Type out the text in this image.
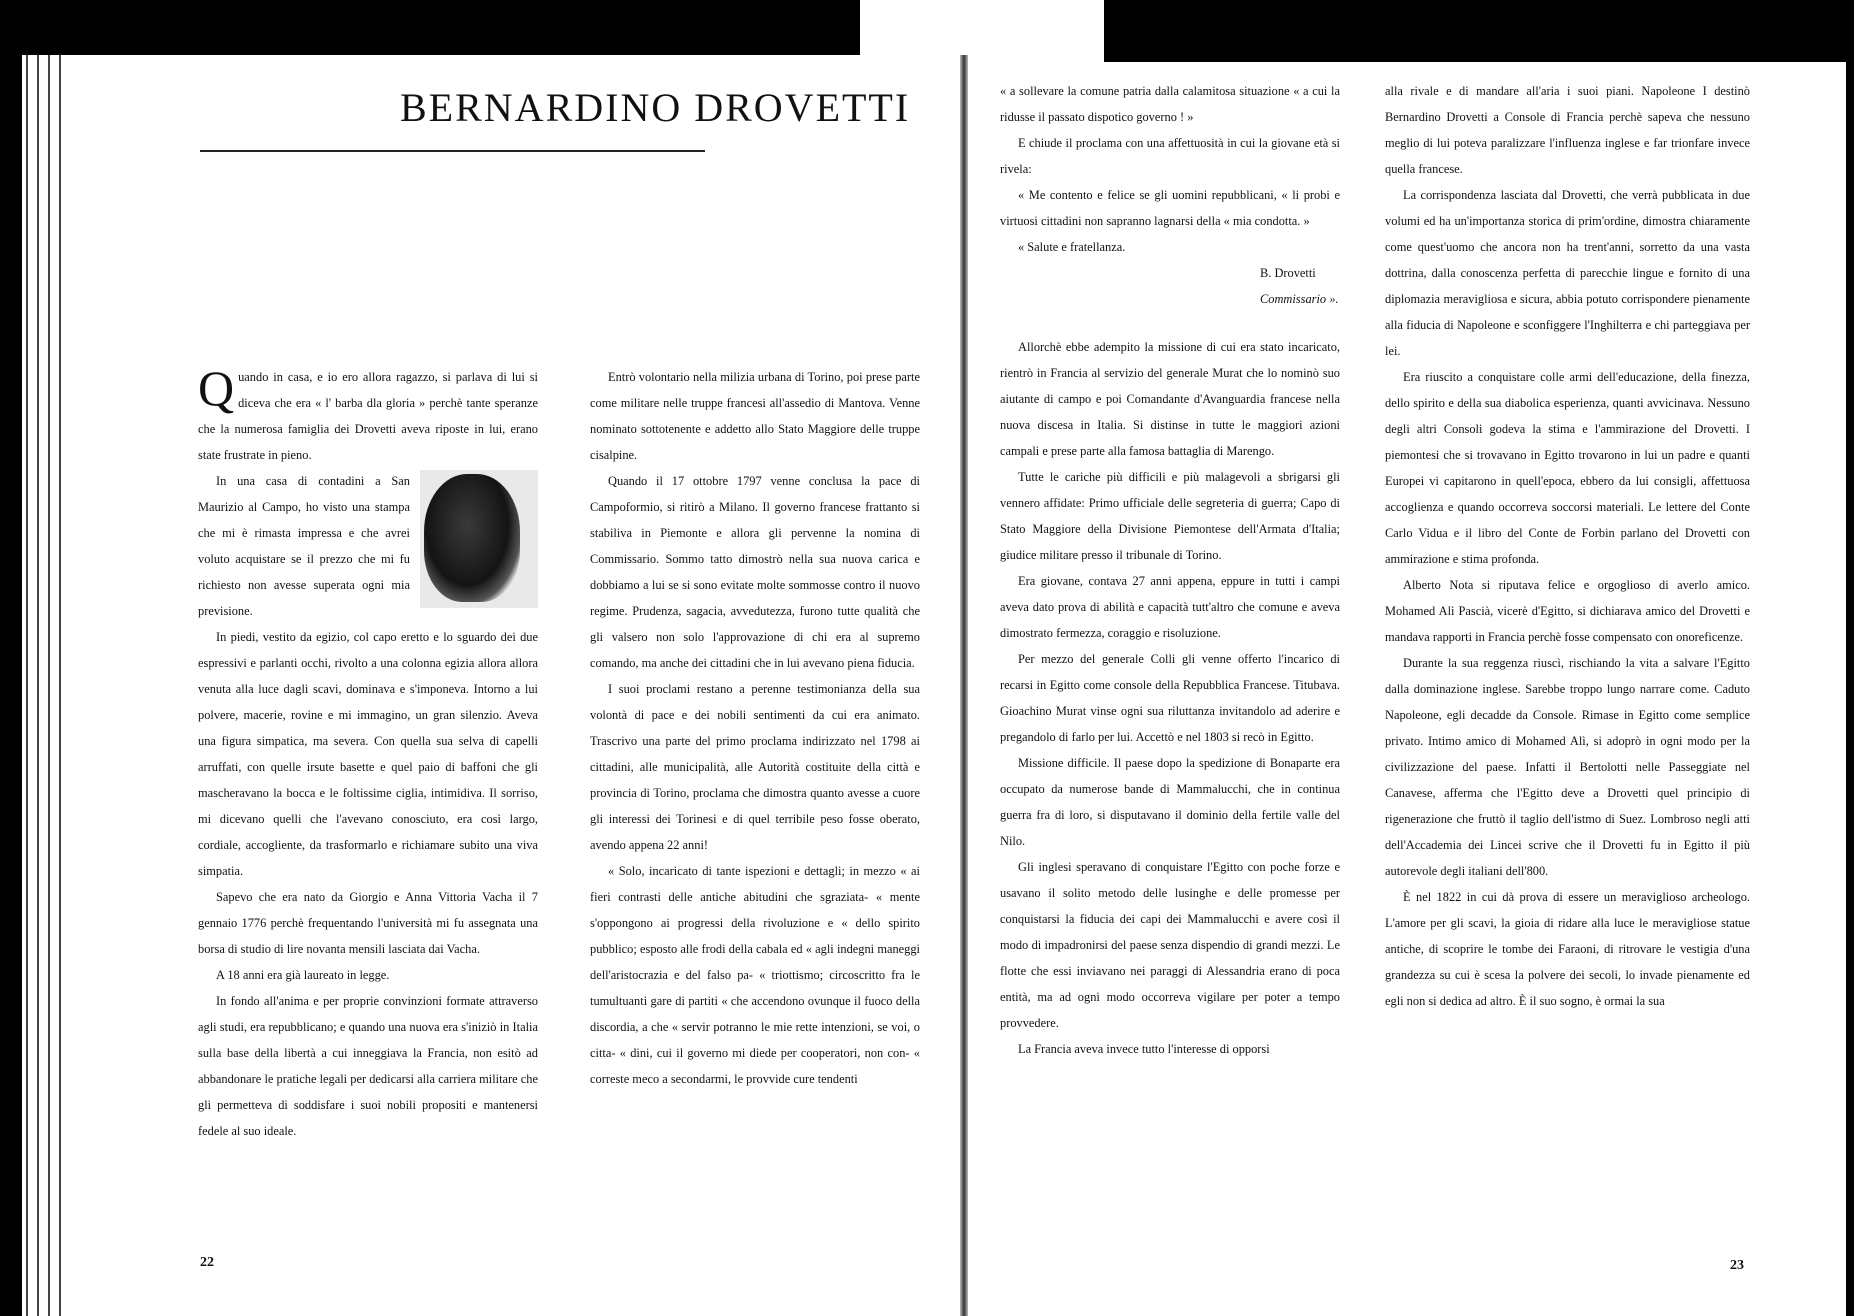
BERNARDINO DROVETTI

Quando in casa, e io ero allora ragazzo, si parlava di lui si diceva che era « l' barba dla gloria » perchè tante speranze che la numerosa famiglia dei Drovetti aveva riposte in lui, erano state frustrate in pieno.

In una casa di contadini a San Maurizio al Campo, ho visto una stampa che mi è rimasta impressa e che avrei voluto acquistare se il prezzo che mi fu richiesto non avesse superata ogni mia previsione.

In piedi, vestito da egizio, col capo eretto e lo sguardo dei due espressivi e parlanti occhi, rivolto a una colonna egizia allora allora venuta alla luce dagli scavi, dominava e s'imponeva. Intorno a lui polvere, macerie, rovine e mi immagino, un gran silenzio. Aveva una figura simpatica, ma severa. Con quella sua selva di capelli arruffati, con quelle irsute basette e quel paio di baffoni che gli mascheravano la bocca e le foltissime ciglia, intimidiva. Il sorriso, mi dicevano quelli che l'avevano conosciuto, era così largo, cordiale, accogliente, da trasformarlo e richiamare subito una viva simpatia.

Sapevo che era nato da Giorgio e Anna Vittoria Vacha il 7 gennaio 1776 perchè frequentando l'università mi fu assegnata una borsa di studio di lire novanta mensili lasciata dai Vacha.

A 18 anni era già laureato in legge.

In fondo all'anima e per proprie convinzioni formate attraverso agli studi, era repubblicano; e quando una nuova era s'iniziò in Italia sulla base della libertà a cui inneggiava la Francia, non esitò ad abbandonare le pratiche legali per dedicarsi alla carriera militare che gli permetteva di soddisfare i suoi nobili propositi e mantenersi fedele al suo ideale.

Entrò volontario nella milizia urbana di Torino, poi prese parte come militare nelle truppe francesi all'assedio di Mantova. Venne nominato sottotenente e addetto allo Stato Maggiore delle truppe cisalpine.

Quando il 17 ottobre 1797 venne conclusa la pace di Campoformio, si ritirò a Milano. Il governo francese frattanto si stabiliva in Piemonte e allora gli pervenne la nomina di Commissario. Sommo tatto dimostrò nella sua nuova carica e dobbiamo a lui se si sono evitate molte sommosse contro il nuovo regime. Prudenza, sagacia, avvedutezza, furono tutte qualità che gli valsero non solo l'approvazione di chi era al supremo comando, ma anche dei cittadini che in lui avevano piena fiducia.

I suoi proclami restano a perenne testimonianza della sua volontà di pace e dei nobili sentimenti da cui era animato. Trascrivo una parte del primo proclama indirizzato nel 1798 ai cittadini, alle municipalità, alle Autorità costituite della città e provincia di Torino, proclama che dimostra quanto avesse a cuore gli interessi dei Torinesi e di quel terribile peso fosse oberato, avendo appena 22 anni!

« Solo, incaricato di tante ispezioni e dettagli; in mezzo « ai fieri contrasti delle antiche abitudini che sgraziata- « mente s'oppongono ai progressi della rivoluzione e « dello spirito pubblico; esposto alle frodi della cabala ed « agli indegni maneggi dell'aristocrazia e del falso pa- « triottismo; circoscritto fra le tumultuanti gare di partiti « che accendono ovunque il fuoco della discordia, a che « servir potranno le mie rette intenzioni, se voi, o citta- « dini, cui il governo mi diede per cooperatori, non con- « correste meco a secondarmi, le provvide cure tendenti

« a sollevare la comune patria dalla calamitosa situazione « a cui la ridusse il passato dispotico governo ! »

E chiude il proclama con una affettuosità in cui la giovane età si rivela:

« Me contento e felice se gli uomini repubblicani, « li probi e virtuosi cittadini non sapranno lagnarsi della « mia condotta. »

« Salute e fratellanza.

B. Drovetti

Commissario ».

Allorchè ebbe adempito la missione di cui era stato incaricato, rientrò in Francia al servizio del generale Murat che lo nominò suo aiutante di campo e poi Comandante d'Avanguardia francese nella nuova discesa in Italia. Si distinse in tutte le maggiori azioni campali e prese parte alla famosa battaglia di Marengo.

Tutte le cariche più difficili e più malagevoli a sbrigarsi gli vennero affidate: Primo ufficiale delle segreteria di guerra; Capo di Stato Maggiore della Divisione Piemontese dell'Armata d'Italia; giudice militare presso il tribunale di Torino.

Era giovane, contava 27 anni appena, eppure in tutti i campi aveva dato prova di abilità e capacità tutt'altro che comune e aveva dimostrato fermezza, coraggio e risoluzione.

Per mezzo del generale Colli gli venne offerto l'incarico di recarsi in Egitto come console della Repubblica Francese. Titubava. Gioachino Murat vinse ogni sua riluttanza invitandolo ad aderire e pregandolo di farlo per lui. Accettò e nel 1803 si recò in Egitto.

Missione difficile. Il paese dopo la spedizione di Bonaparte era occupato da numerose bande di Mammalucchi, che in continua guerra fra di loro, si disputavano il dominio della fertile valle del Nilo.

Gli inglesi speravano di conquistare l'Egitto con poche forze e usavano il solito metodo delle lusinghe e delle promesse per conquistarsi la fiducia dei capi dei Mammalucchi e avere così il modo di impadronirsi del paese senza dispendio di grandi mezzi. Le flotte che essi inviavano nei paraggi di Alessandria erano di poca entità, ma ad ogni modo occorreva vigilare per poter a tempo provvedere.

La Francia aveva invece tutto l'interesse di opporsi

alla rivale e di mandare all'aria i suoi piani. Napoleone I destinò Bernardino Drovetti a Console di Francia perchè sapeva che nessuno meglio di lui poteva paralizzare l'influenza inglese e far trionfare invece quella francese.

La corrispondenza lasciata dal Drovetti, che verrà pubblicata in due volumi ed ha un'importanza storica di prim'ordine, dimostra chiaramente come quest'uomo che ancora non ha trent'anni, sorretto da una vasta dottrina, dalla conoscenza perfetta di parecchie lingue e fornito di una diplomazia meravigliosa e sicura, abbia potuto corrispondere pienamente alla fiducia di Napoleone e sconfiggere l'Inghilterra e chi parteggiava per lei.

Era riuscito a conquistare colle armi dell'educazione, della finezza, dello spirito e della sua diabolica esperienza, quanti avvicinava. Nessuno degli altri Consoli godeva la stima e l'ammirazione del Drovetti. I piemontesi che si trovavano in Egitto trovarono in lui un padre e quanti Europei vi capitarono in quell'epoca, ebbero da lui consigli, affettuosa accoglienza e quando occorreva soccorsi materiali. Le lettere del Conte Carlo Vidua e il libro del Conte de Forbin parlano del Drovetti con ammirazione e stima profonda.

Alberto Nota si riputava felice e orgoglioso di averlo amico. Mohamed Alì Pascià, vicerè d'Egitto, si dichiarava amico del Drovetti e mandava rapporti in Francia perchè fosse compensato con onoreficenze.

Durante la sua reggenza riuscì, rischiando la vita a salvare l'Egitto dalla dominazione inglese. Sarebbe troppo lungo narrare come. Caduto Napoleone, egli decadde da Console. Rimase in Egitto come semplice privato. Intimo amico di Mohamed Alì, si adoprò in ogni modo per la civilizzazione del paese. Infatti il Bertolotti nelle Passeggiate nel Canavese, afferma che l'Egitto deve a Drovetti quel principio di rigenerazione che fruttò il taglio dell'istmo di Suez. Lombroso negli atti dell'Accademia dei Lincei scrive che il Drovetti fu in Egitto il più autorevole degli italiani dell'800.

È nel 1822 in cui dà prova di essere un meraviglioso archeologo. L'amore per gli scavi, la gioia di ridare alla luce le meravigliose statue antiche, di scoprire le tombe dei Faraoni, di ritrovare le vestigia d'una grandezza su cui è scesa la polvere dei secoli, lo invade pienamente ed egli non si dedica ad altro. È il suo sogno, è ormai la sua

22	23
